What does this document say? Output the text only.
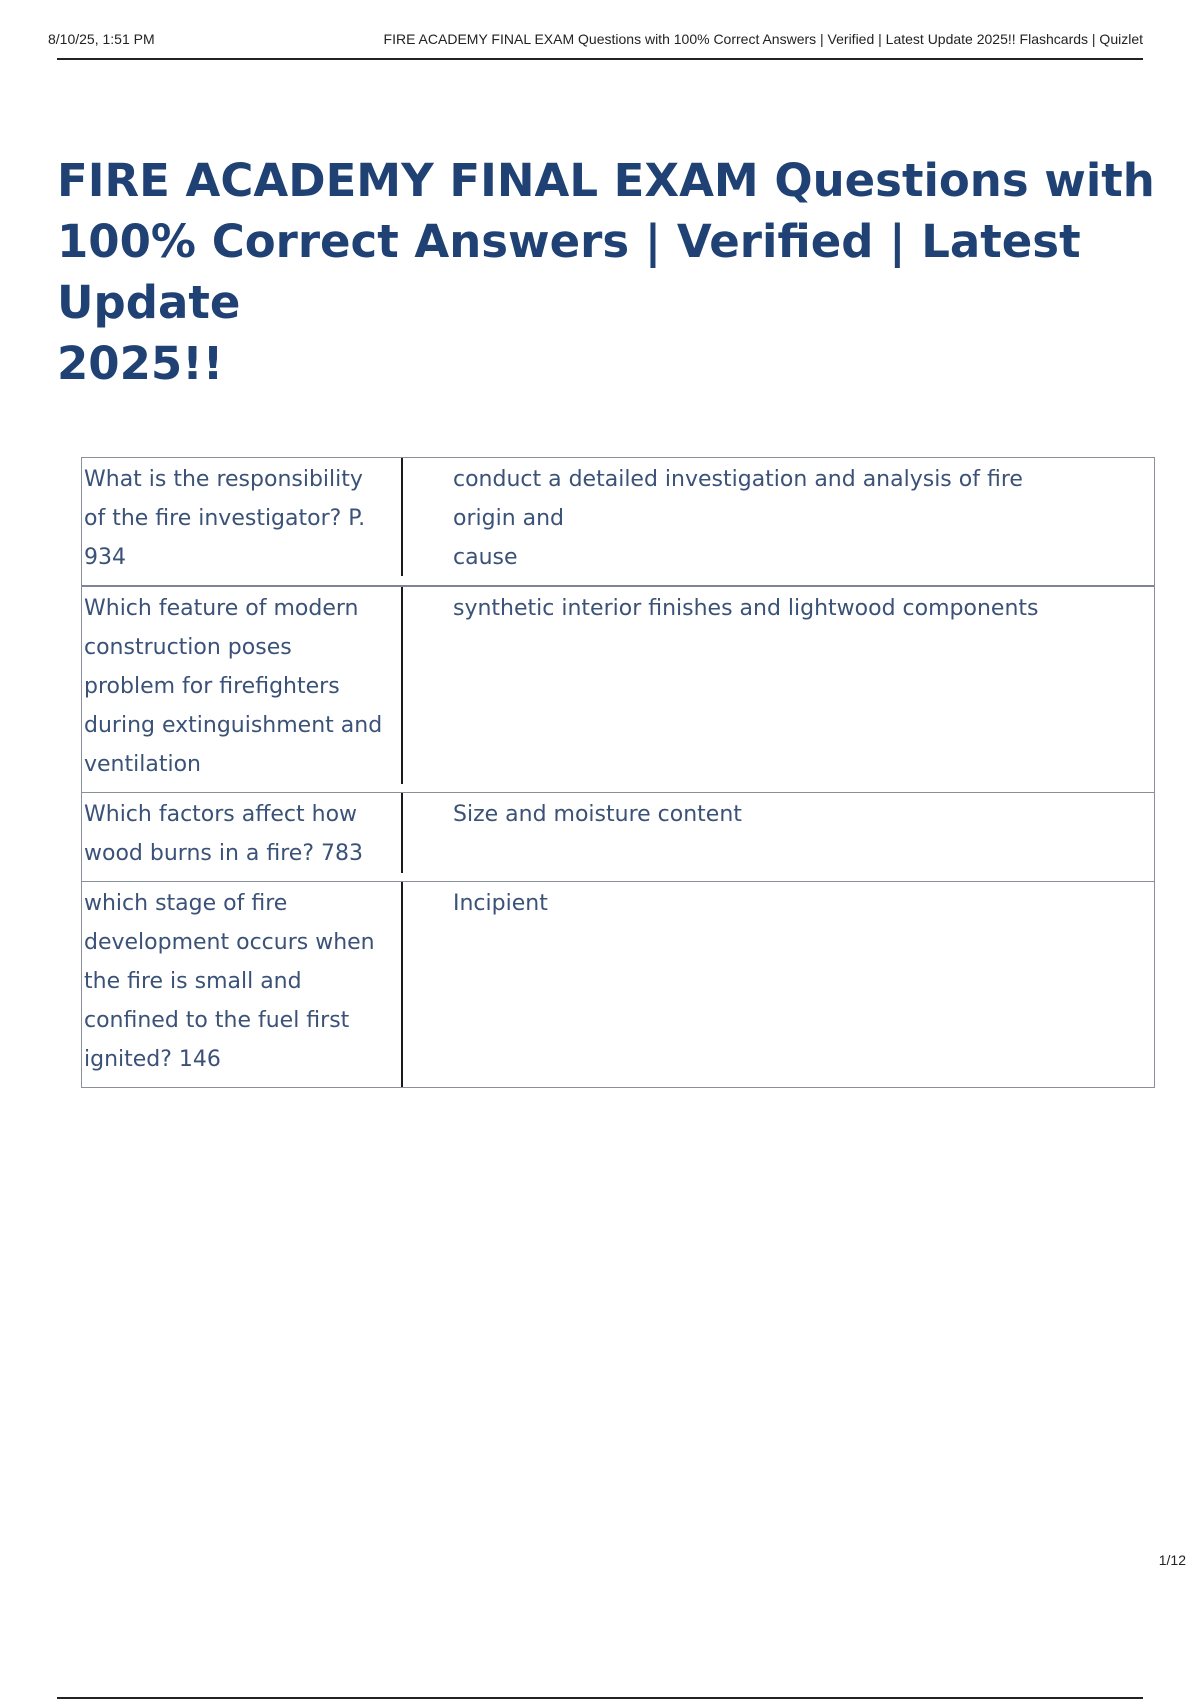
8/10/25, 1:51 PM	FIRE ACADEMY FINAL EXAM Questions with 100% Correct Answers | Verified | Latest Update 2025!! Flashcards | Quizlet
FIRE ACADEMY FINAL EXAM Questions with
100% Correct Answers | Verified | Latest Update
2025!!
What is the responsibility
of the fire investigator? P.
934
conduct a detailed investigation and analysis of fire
origin and
cause
Which feature of modern
construction poses
problem for firefighters
during extinguishment and
ventilation
synthetic interior finishes and lightwood components
Which factors affect how
wood burns in a fire? 783
Size and moisture content
which stage of fire
development occurs when
the fire is small and
confined to the fuel first
ignited? 146
Incipient
1/12
